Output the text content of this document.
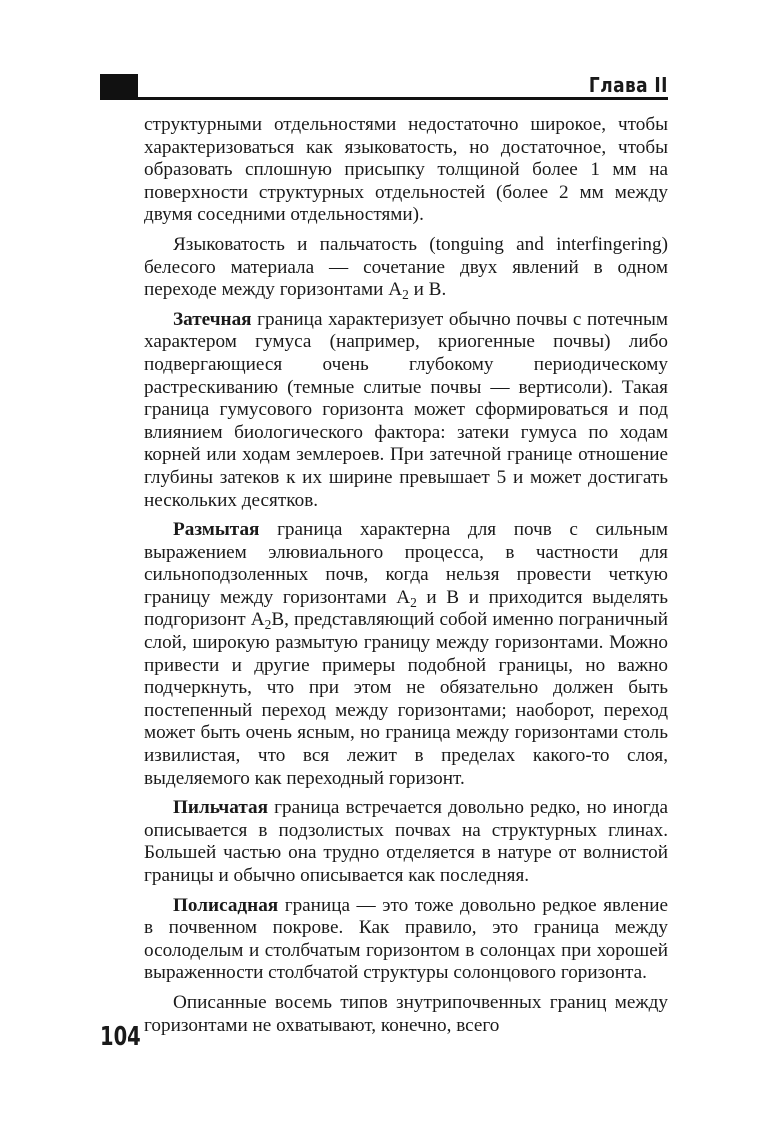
Глава II

структурными отдельностями недостаточно широкое, чтобы характеризоваться как языковатость, но достаточное, чтобы образовать сплошную присыпку толщиной более 1 мм на поверхности структурных отдельностей (более 2 мм между двумя соседними отдельностями).

Языковатость и пальчатость (tonguing and interfingering) белесого материала — сочетание двух явлений в одном переходе между горизонтами $А_2$ и В.

Затечная граница характеризует обычно почвы с потечным характером гумуса (например, криогенные почвы) либо подвергающиеся очень глубокому периодическому растрескиванию (темные слитые почвы — вертисоли). Такая граница гумусового горизонта может сформироваться и под влиянием биологического фактора: затеки гумуса по ходам корней или ходам землероев. При затечной границе отношение глубины затеков к их ширине превышает 5 и может достигать нескольких десятков.

Размытая граница характерна для почв с сильным выражением элювиального процесса, в частности для сильноподзоленных почв, когда нельзя провести четкую границу между горизонтами $А_2$ и В и приходится выделять подгоризонт $А_2В$, представляющий собой именно пограничный слой, широкую размытую границу между горизонтами. Можно привести и другие примеры подобной границы, но важно подчеркнуть, что при этом не обязательно должен быть постепенный переход между горизонтами; наоборот, переход может быть очень ясным, но граница между горизонтами столь извилистая, что вся лежит в пределах какого-то слоя, выделяемого как переходный горизонт.

Пильчатая граница встречается довольно редко, но иногда описывается в подзолистых почвах на структурных глинах. Большей частью она трудно отделяется в натуре от волнистой границы и обычно описывается как последняя.

Полисадная граница — это тоже довольно редкое явление в почвенном покрове. Как правило, это граница между осолоделым и столбчатым горизонтом в солонцах при хорошей выраженности столбчатой структуры солонцового горизонта.

Описанные восемь типов знутрипочвенных границ между горизонтами не охватывают, конечно, всего

104
